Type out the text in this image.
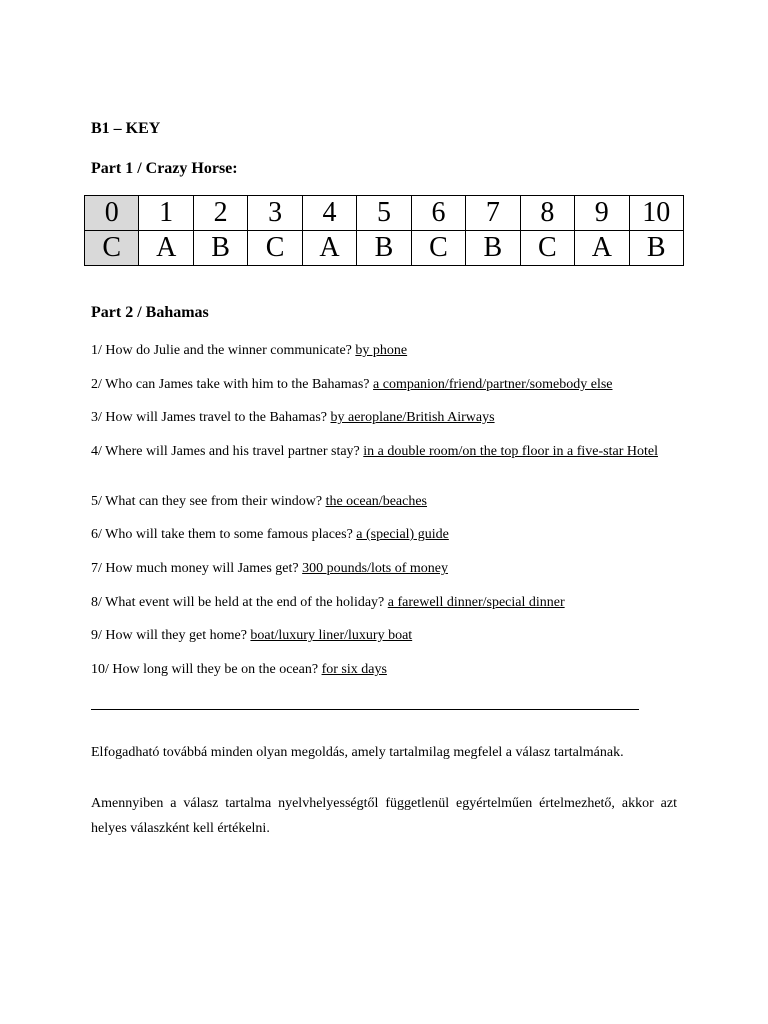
B1 – KEY
Part 1 / Crazy Horse:
0	1	2	3	4	5	6	7	8	9	10
C	A	B	C	A	B	C	B	C	A	B
Part 2 / Bahamas
1/ How do Julie and the winner communicate? by phone
2/ Who can James take with him to the Bahamas? a companion/friend/partner/somebody else
3/ How will James travel to the Bahamas? by aeroplane/British Airways
4/ Where will James and his travel partner stay? in a double room/on the top floor in a five-star Hotel
5/ What can they see from their window? the ocean/beaches
6/ Who will take them to some famous places? a (special) guide
7/ How much money will James get? 300 pounds/lots of money
8/ What event will be held at the end of the holiday? a farewell dinner/special dinner
9/ How will they get home? boat/luxury liner/luxury boat
10/ How long will they be on the ocean? for six days
Elfogadható továbbá minden olyan megoldás, amely tartalmilag megfelel a válasz tartalmának.
Amennyiben a válasz tartalma nyelvhelyességtől függetlenül egyértelműen értelmezhető, akkor azt helyes válaszként kell értékelni.
